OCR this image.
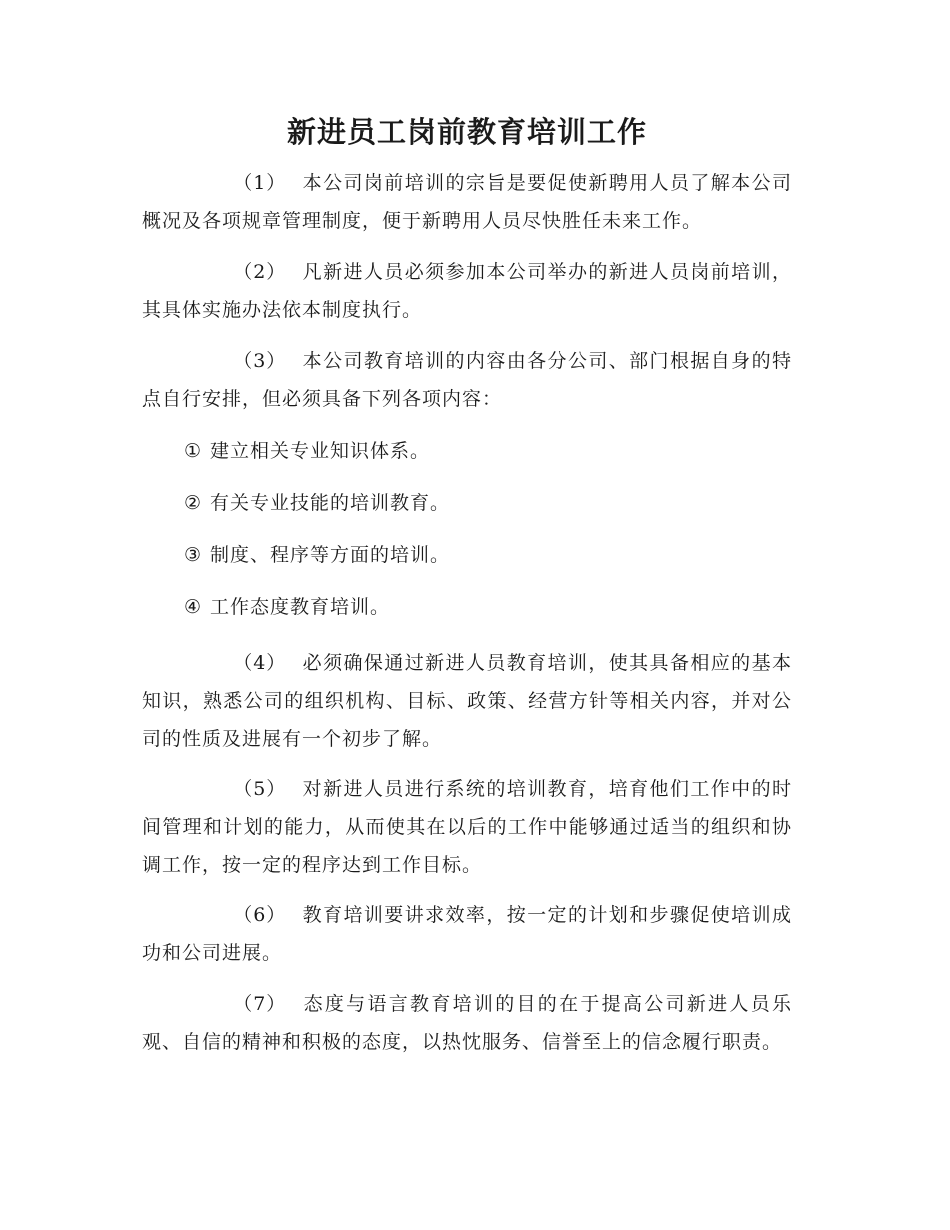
新进员工岗前教育培训工作

（1） 本公司岗前培训的宗旨是要促使新聘用人员了解本公司概况及各项规章管理制度，便于新聘用人员尽快胜任未来工作。

（2） 凡新进人员必须参加本公司举办的新进人员岗前培训，其具体实施办法依本制度执行。

（3） 本公司教育培训的内容由各分公司、部门根据自身的特点自行安排，但必须具备下列各项内容：

① 建立相关专业知识体系。

② 有关专业技能的培训教育。

③ 制度、程序等方面的培训。

④ 工作态度教育培训。

（4） 必须确保通过新进人员教育培训，使其具备相应的基本知识，熟悉公司的组织机构、目标、政策、经营方针等相关内容，并对公司的性质及进展有一个初步了解。

（5） 对新进人员进行系统的培训教育，培育他们工作中的时间管理和计划的能力，从而使其在以后的工作中能够通过适当的组织和协调工作，按一定的程序达到工作目标。

（6） 教育培训要讲求效率，按一定的计划和步骤促使培训成功和公司进展。

（7） 态度与语言教育培训的目的在于提高公司新进人员乐观、自信的精神和积极的态度，以热忱服务、信誉至上的信念履行职责。
